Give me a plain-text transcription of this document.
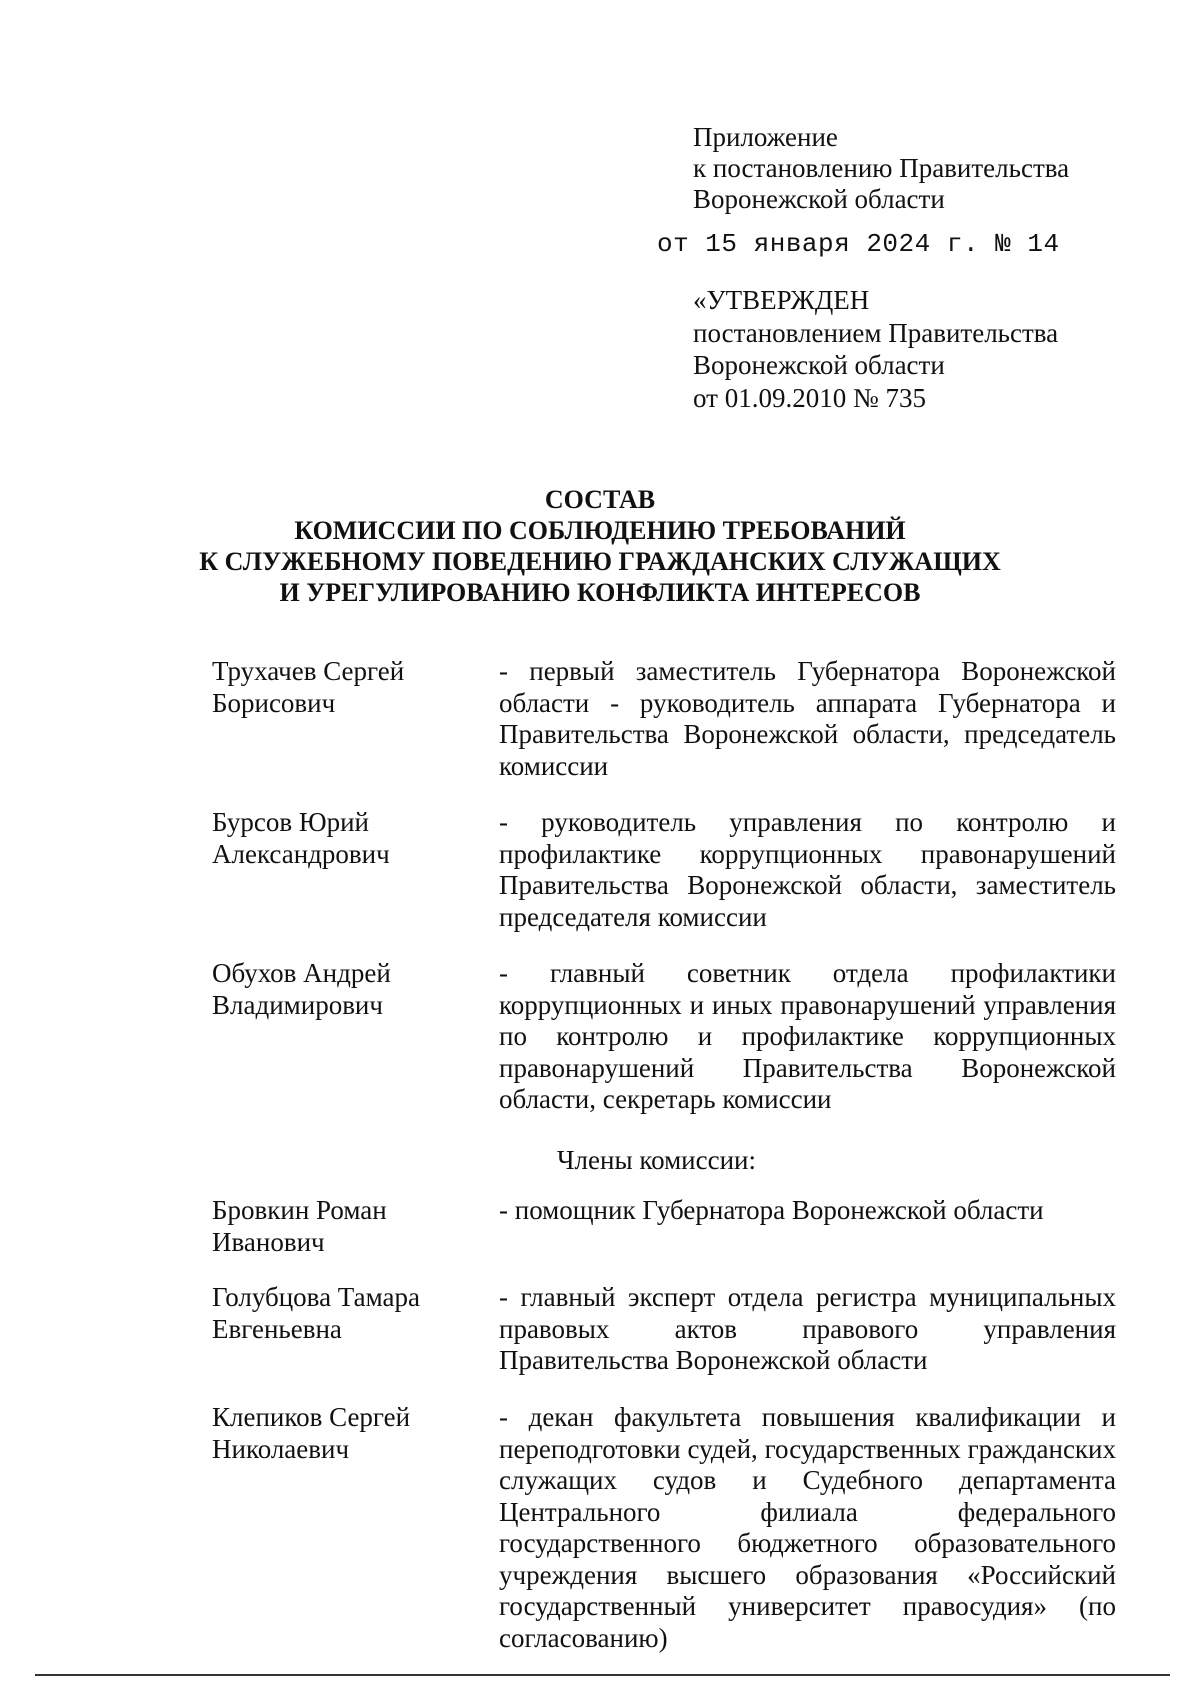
Приложение
к постановлению Правительства
Воронежской области
от 15 января 2024 г. № 14
«УТВЕРЖДЕН
постановлением Правительства
Воронежской области
от 01.09.2010 № 735
СОСТАВ
КОМИССИИ ПО СОБЛЮДЕНИЮ ТРЕБОВАНИЙ
К СЛУЖЕБНОМУ ПОВЕДЕНИЮ ГРАЖДАНСКИХ СЛУЖАЩИХ
И УРЕГУЛИРОВАНИЮ КОНФЛИКТА ИНТЕРЕСОВ
Трухачев Сергей
Борисович
- первый заместитель Губернатора Воронежской области - руководитель аппарата Губернатора и Правительства Воронежской области, председатель комиссии
Бурсов Юрий
Александрович
- руководитель управления по контролю и профилактике коррупционных правонарушений Правительства Воронежской области, заместитель председателя комиссии
Обухов Андрей
Владимирович
- главный советник отдела профилактики коррупционных и иных правонарушений управления по контролю и профилактике коррупционных правонарушений Правительства Воронежской области, секретарь комиссии
Члены комиссии:
Бровкин Роман
Иванович
- помощник Губернатора Воронежской области
Голубцова Тамара
Евгеньевна
- главный эксперт отдела регистра муниципальных правовых актов правового управления Правительства Воронежской области
Клепиков Сергей
Николаевич
- декан факультета повышения квалификации и переподготовки судей, государственных гражданских служащих судов и Судебного департамента Центрального филиала федерального государственного бюджетного образовательного учреждения высшего образования «Российский государственный университет правосудия» (по согласованию)
